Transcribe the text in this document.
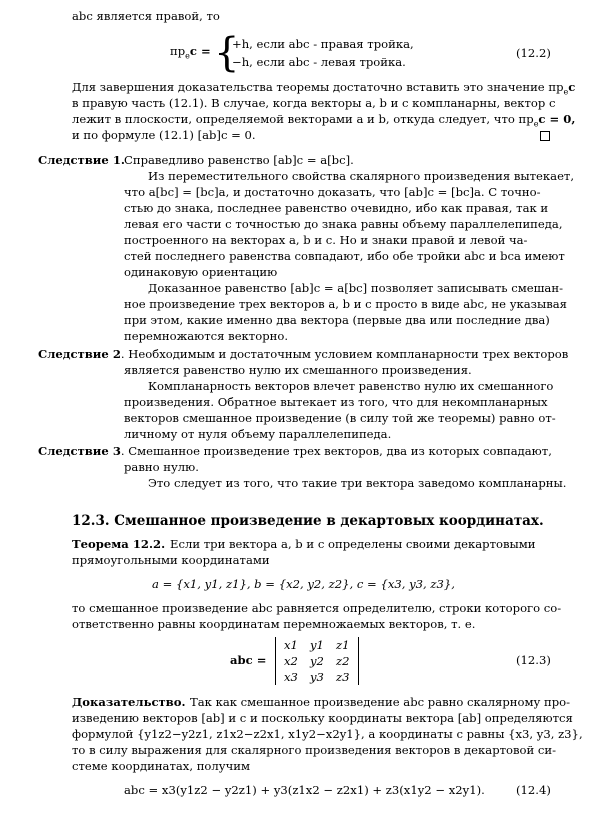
abc является правой, то
$пр_ec$ = {
+h, если abc - правая тройка,
−h, если abc - левая тройка.
(12.2)
Для завершения доказательства теоремы достаточно вставить это значение $пр_ec$
в правую часть (12.1). В случае, когда векторы a, b и c компланарны, вектор c
лежит в плоскости, определяемой векторами a и b, откуда следует, что $пр_ec = 0$,
и по формуле (12.1) [ab]c = 0.
Следствие 1. Справедливо равенство [ab]c = a[bc].
Из переместительного свойства скалярного произведения вытекает,
что a[bc] = [bc]a, и достаточно доказать, что [ab]c = [bc]a. С точно-
стью до знака, последнее равенство очевидно, ибо как правая, так и
левая его части с точностью до знака равны объему параллелепипеда,
построенного на векторах a, b и c. Но и знаки правой и левой ча-
стей последнего равенства совпадают, ибо обе тройки abc и bca имеют
одинаковую ориентацию
Доказанное равенство [ab]c = a[bc] позволяет записывать смешан-
ное произведение трех векторов a, b и c просто в виде abc, не указывая
при этом, какие именно два вектора (первые два или последние два)
перемножаются векторно.
Следствие 2. Необходимым и достаточным условием компланарности трех векторов
является равенство нулю их смешанного произведения.
Компланарность векторов влечет равенство нулю их смешанного
произведения. Обратное вытекает из того, что для некомпланарных
векторов смешанное произведение (в силу той же теоремы) равно от-
личному от нуля объему параллелепипеда.
Следствие 3. Смешанное произведение трех векторов, два из которых совпадают,
равно нулю.
Это следует из того, что такие три вектора заведомо компланарны.
12.3. Смешанное произведение в декартовых координатах.
Теорема 12.2. Если три вектора a, b и c определены своими декартовыми
прямоугольными координатами
a = {x1, y1, z1}, b = {x2, y2, z2}, c = {x3, y3, z3},
то смешанное произведение abc равняется определителю, строки которого со-
ответственно равны координатам перемножаемых векторов, т. е.
abc =
x1 y1 z1
x2 y2 z2
x3 y3 z3
(12.3)
Доказательство. Так как смешанное произведение abc равно скалярному про-
изведению векторов [ab] и c и поскольку координаты вектора [ab] определяются
формулой {y1z2−y2z1, z1x2−z2x1, x1y2−x2y1}, а координаты c равны {x3, y3, z3},
то в силу выражения для скалярного произведения векторов в декартовой си-
стеме координатах, получим
abc = x3(y1z2 − y2z1) + y3(z1x2 − z2x1) + z3(x1y2 − x2y1).	(12.4)
